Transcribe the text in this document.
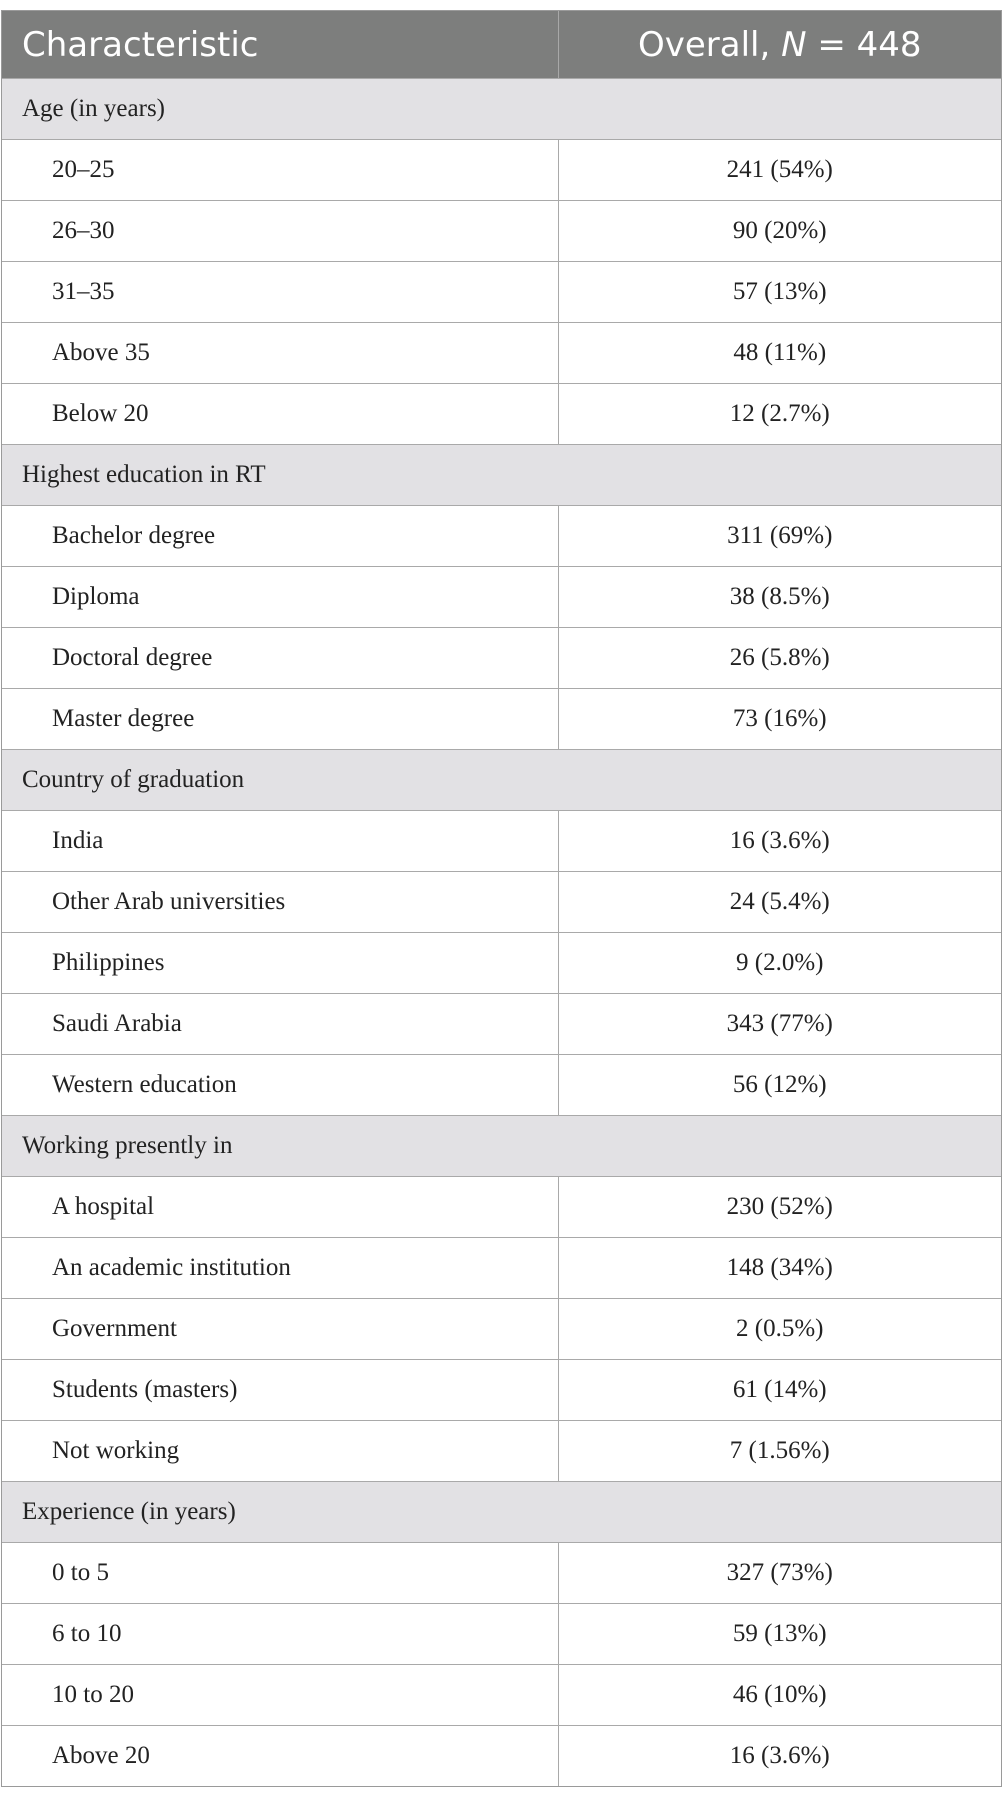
Characteristic	Overall, N = 448
Age (in years)	
20–25	241 (54%)
26–30	90 (20%)
31–35	57 (13%)
Above 35	48 (11%)
Below 20	12 (2.7%)
Highest education in RT	
Bachelor degree	311 (69%)
Diploma	38 (8.5%)
Doctoral degree	26 (5.8%)
Master degree	73 (16%)
Country of graduation	
India	16 (3.6%)
Other Arab universities	24 (5.4%)
Philippines	9 (2.0%)
Saudi Arabia	343 (77%)
Western education	56 (12%)
Working presently in	
A hospital	230 (52%)
An academic institution	148 (34%)
Government	2 (0.5%)
Students (masters)	61 (14%)
Not working	7 (1.56%)
Experience (in years)	
0 to 5	327 (73%)
6 to 10	59 (13%)
10 to 20	46 (10%)
Above 20	16 (3.6%)
